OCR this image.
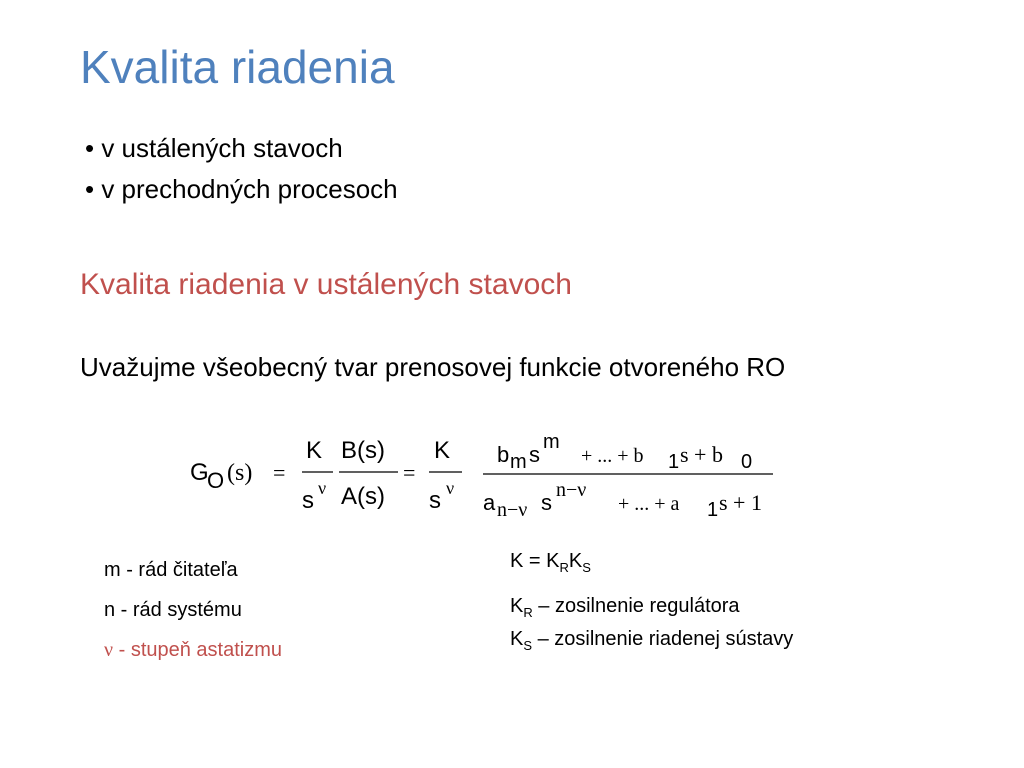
Kvalita riadenia
• v ustálených stavoch
• v prechodných procesoch
Kvalita riadenia v ustálených stavoch
Uvažujme všeobecný tvar prenosovej funkcie otvoreného RO
G
O (s) =
K
s ν
B(s)
A(s)
=
K
s ν
b m s m
+ ... + b 1 s + b 0
a n−ν s n−ν
+ ... + a 1 s + 1
m - rád čitateľa
n - rád systému
ν - stupeň astatizmu
$K = K_RK_S$
$K_R$ – zosilnenie regulátora
$K_S$ – zosilnenie riadenej sústavy
